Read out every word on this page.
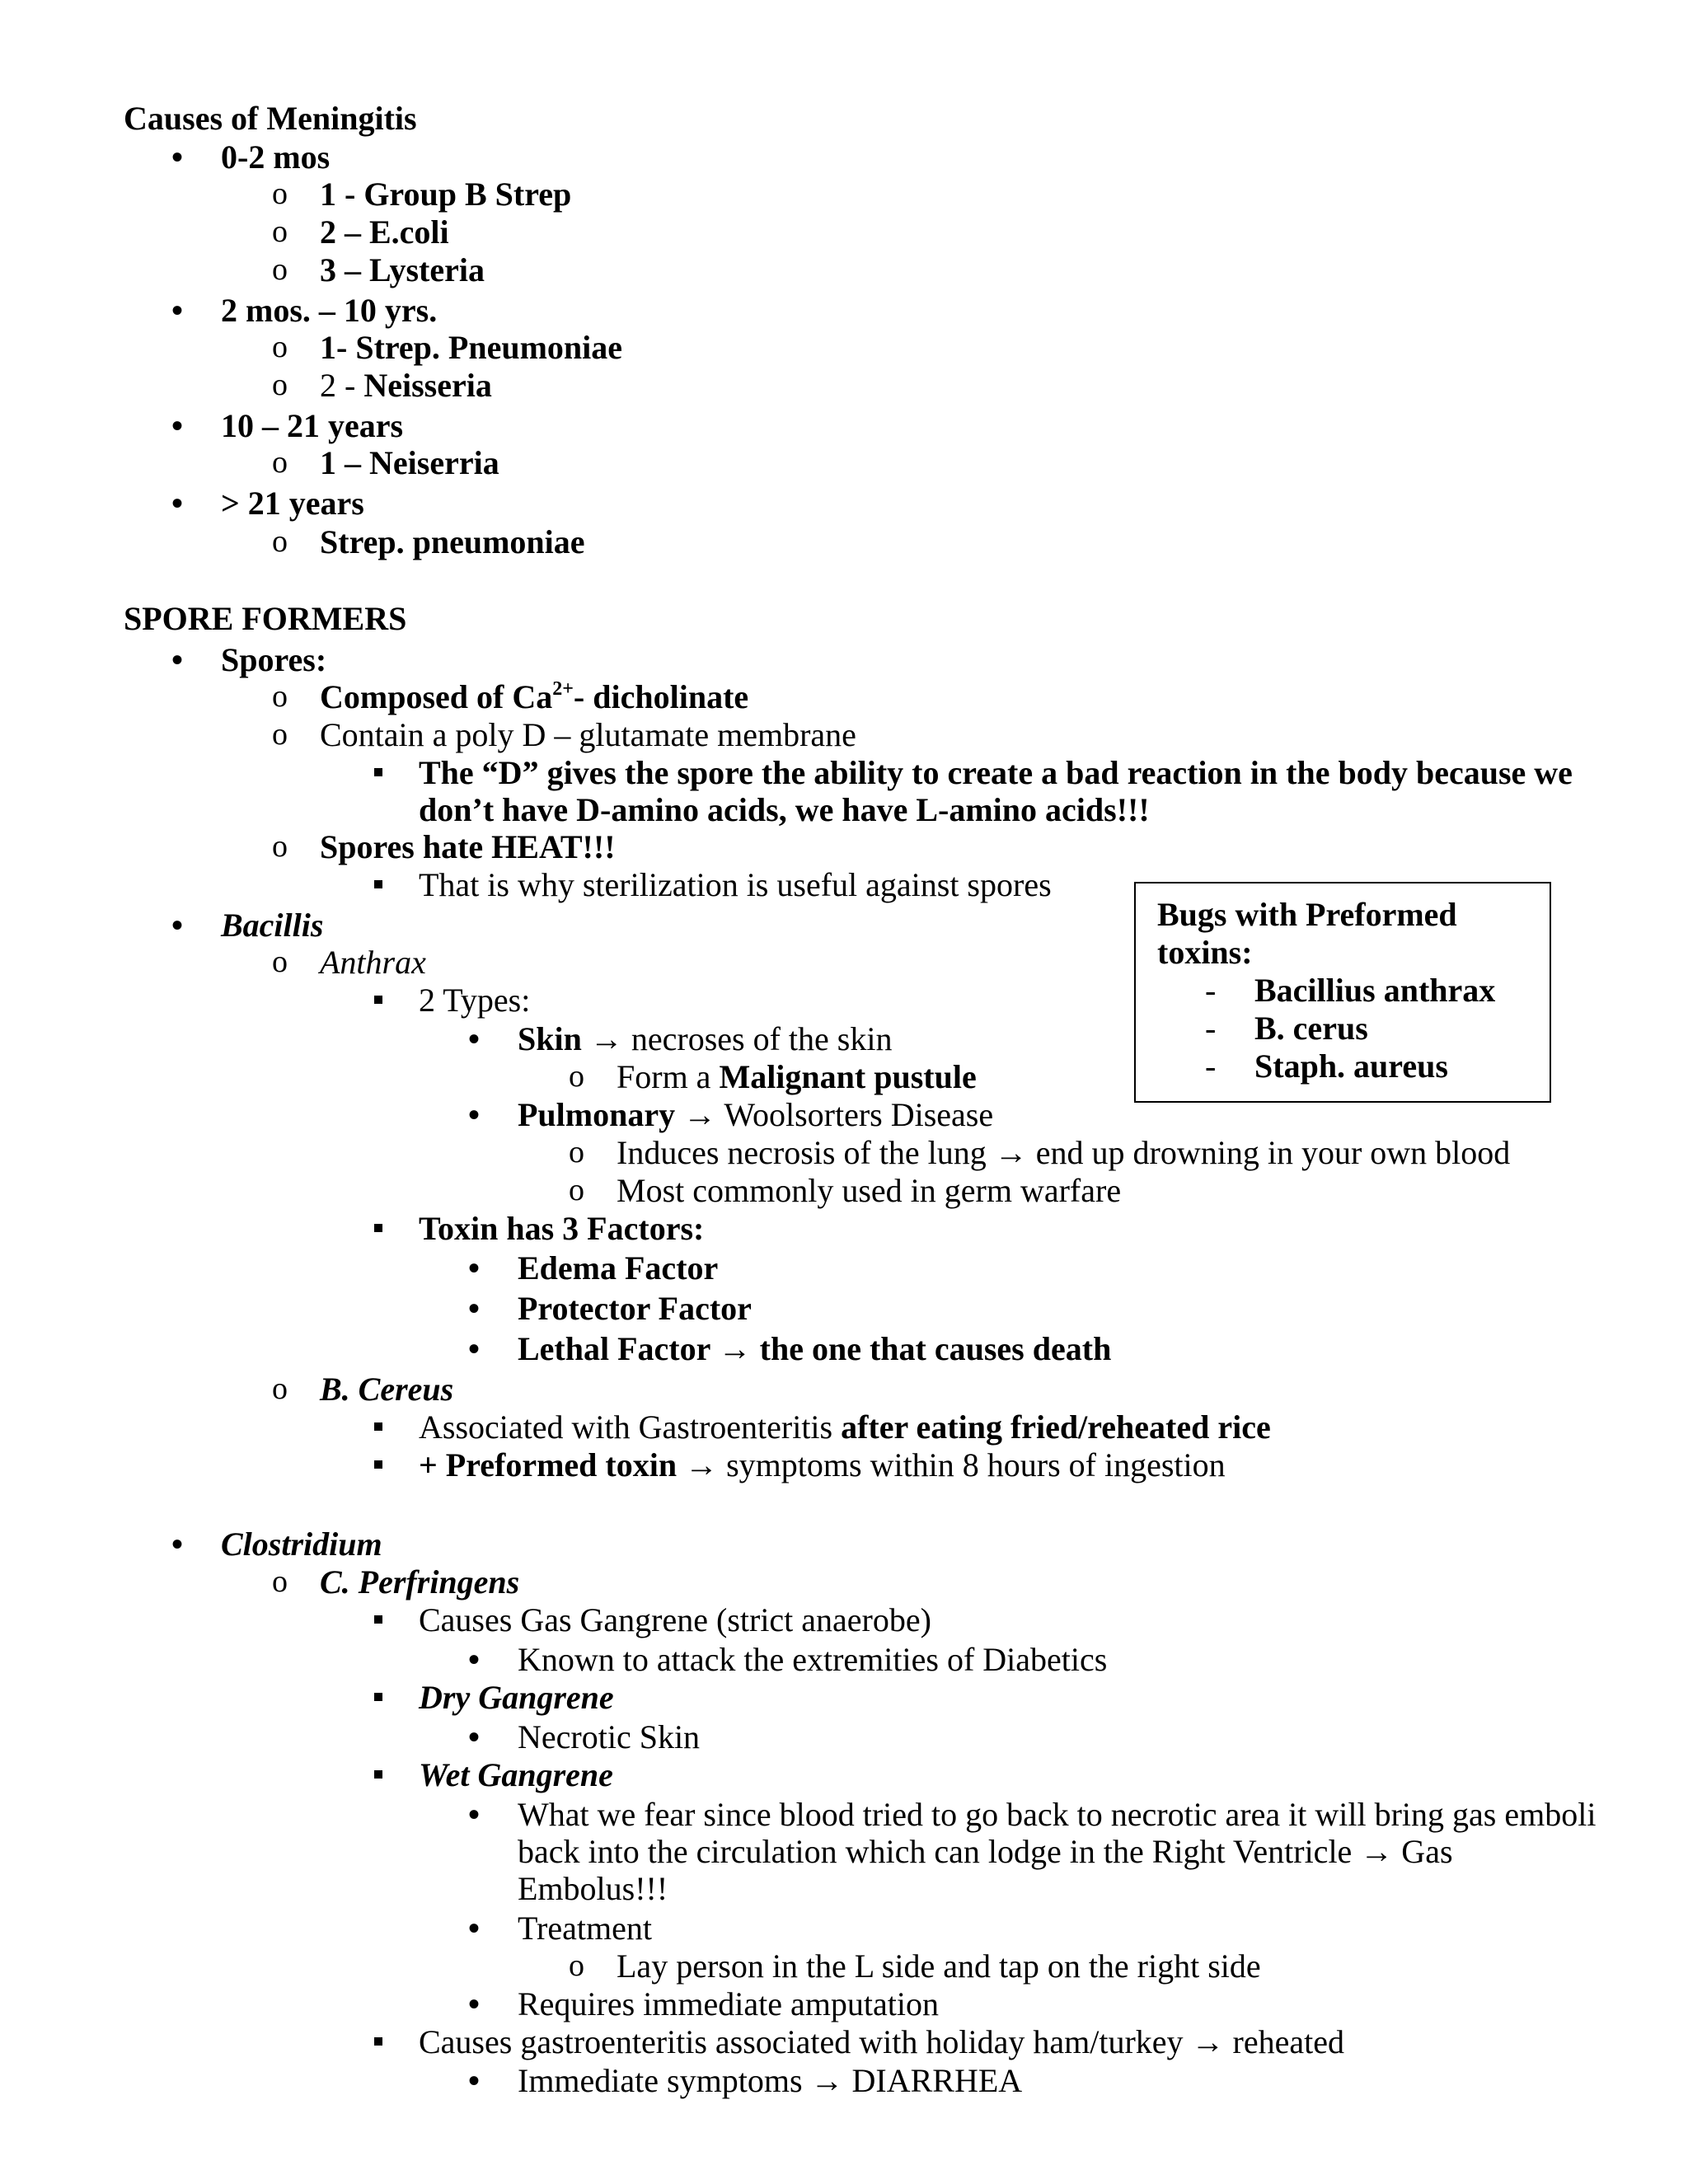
Causes of Meningitis
• 0-2 mos
o 1 - Group B Strep
o 2 – E.coli
o 3 – Lysteria
• 2 mos. – 10 yrs.
o 1- Strep. Pneumoniae
o 2 - Neisseria
• 10 – 21 years
o 1 – Neiserria
• > 21 years
o Strep. pneumoniae
SPORE FORMERS
• Spores:
o Composed of $Ca^{2+}-$ dicholinate
o Contain a poly D – glutamate membrane
The “D” gives the spore the ability to create a bad reaction in the body because we
don’t have D-amino acids, we have L-amino acids!!!
o Spores hate HEAT!!!
That is why sterilization is useful against spores
• Bacillis
o Anthrax
2 Types:
• Skin → necroses of the skin
o Form a Malignant pustule
• Pulmonary → Woolsorters Disease
o Induces necrosis of the lung → end up drowning in your own blood
o Most commonly used in germ warfare
Toxin has 3 Factors:
• Edema Factor
• Protector Factor
• Lethal Factor → the one that causes death
o B. Cereus
Associated with Gastroenteritis after eating fried/reheated rice
+ Preformed toxin → symptoms within 8 hours of ingestion
• Clostridium
o C. Perfringens
Causes Gas Gangrene (strict anaerobe)
• Known to attack the extremities of Diabetics
Dry Gangrene
• Necrotic Skin
Wet Gangrene
• What we fear since blood tried to go back to necrotic area it will bring gas emboli
back into the circulation which can lodge in the Right Ventricle → Gas
Embolus!!!
• Treatment
o Lay person in the L side and tap on the right side
• Requires immediate amputation
Causes gastroenteritis associated with holiday ham/turkey → reheated
• Immediate symptoms → DIARRHEA
Bugs with Preformed
toxins:
- Bacillius anthrax
- B. cerus
- Staph. aureus
